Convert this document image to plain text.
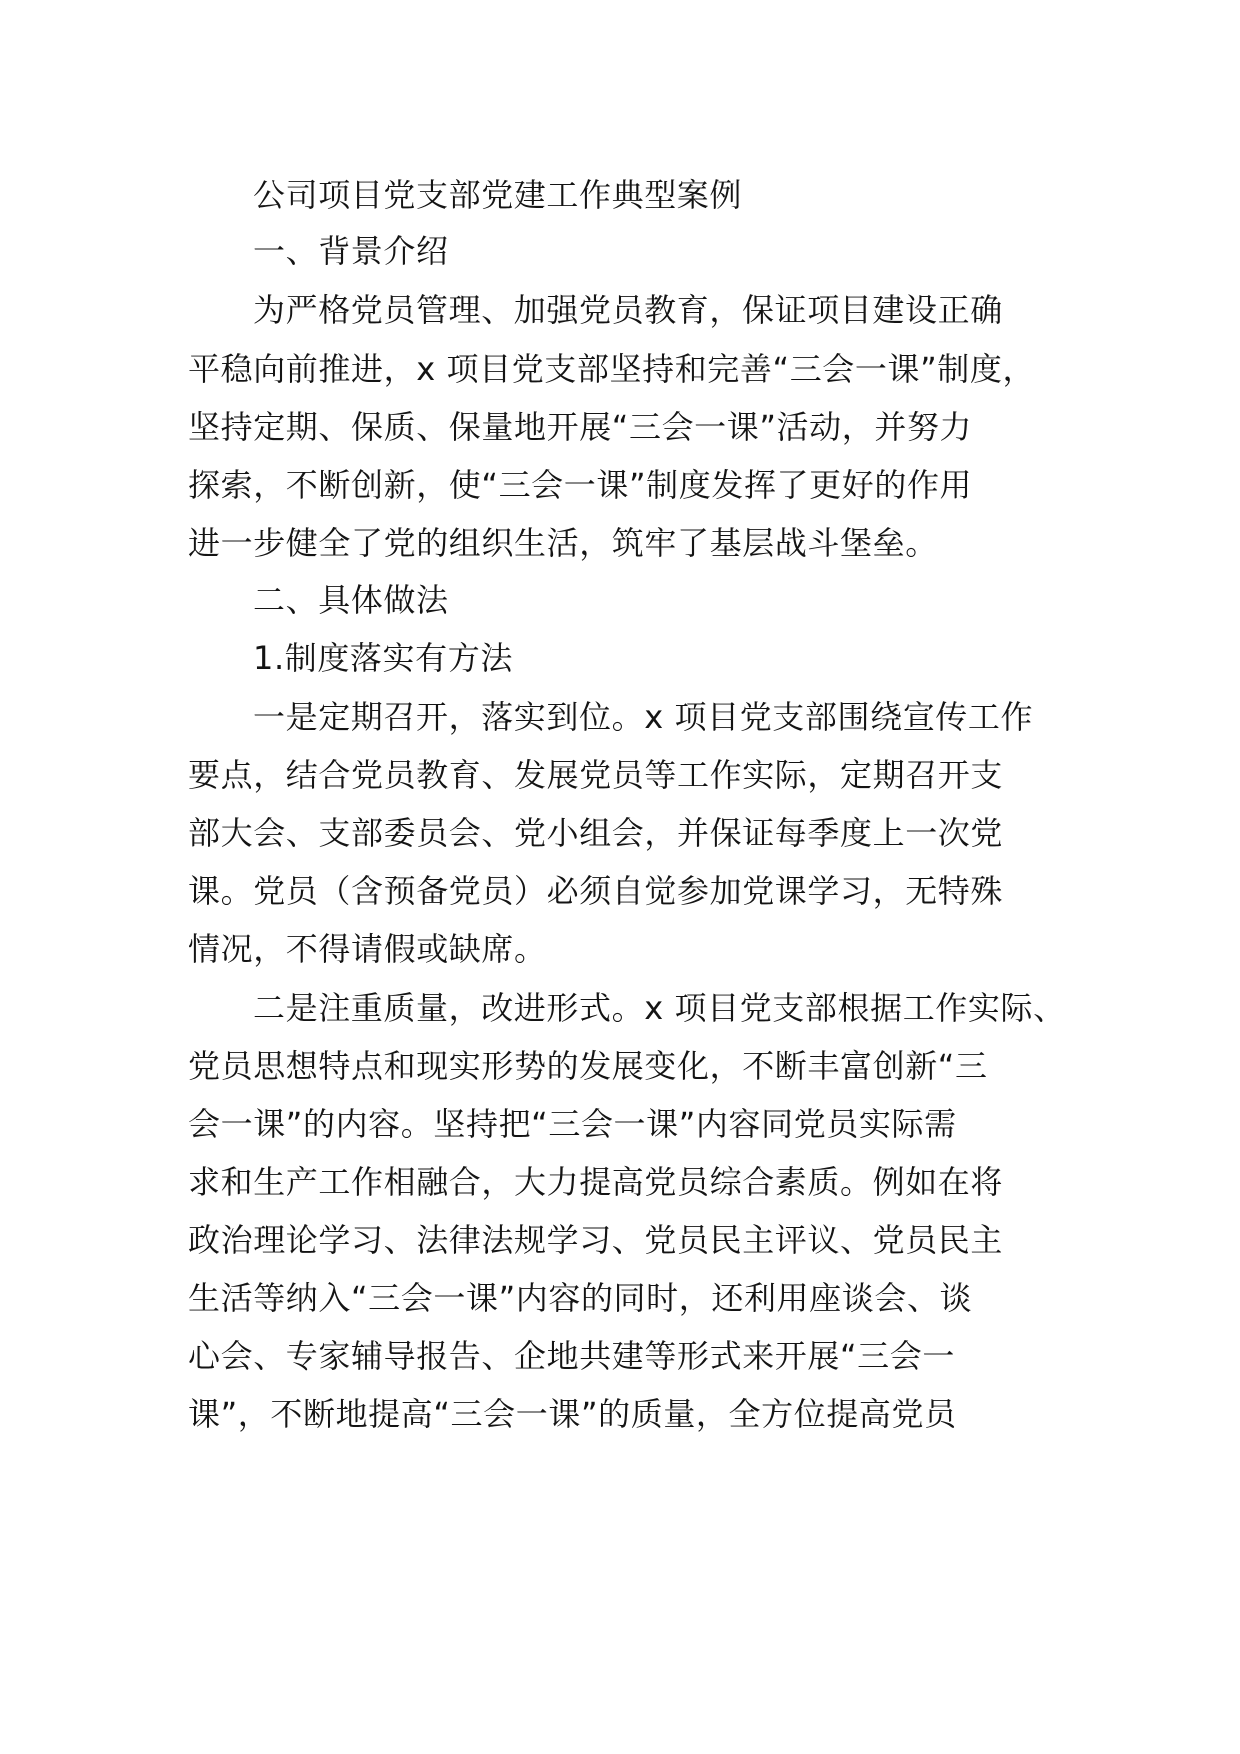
公司项目党支部党建工作典型案例
一、背景介绍
为严格党员管理、加强党员教育，保证项目建设正确
平稳向前推进，x 项目党支部坚持和完善“三会一课”制度，
坚持定期、保质、保量地开展“三会一课”活动，并努力
探索，不断创新，使“三会一课”制度发挥了更好的作用
进一步健全了党的组织生活，筑牢了基层战斗堡垒。
二、具体做法
1.制度落实有方法
一是定期召开，落实到位。x 项目党支部围绕宣传工作
要点，结合党员教育、发展党员等工作实际，定期召开支
部大会、支部委员会、党小组会，并保证每季度上一次党
课。党员（含预备党员）必须自觉参加党课学习，无特殊
情况，不得请假或缺席。
二是注重质量，改进形式。x 项目党支部根据工作实际、
党员思想特点和现实形势的发展变化，不断丰富创新“三
会一课”的内容。坚持把“三会一课”内容同党员实际需
求和生产工作相融合，大力提高党员综合素质。例如在将
政治理论学习、法律法规学习、党员民主评议、党员民主
生活等纳入“三会一课”内容的同时，还利用座谈会、谈
心会、专家辅导报告、企地共建等形式来开展“三会一
课”，不断地提高“三会一课”的质量，全方位提高党员
